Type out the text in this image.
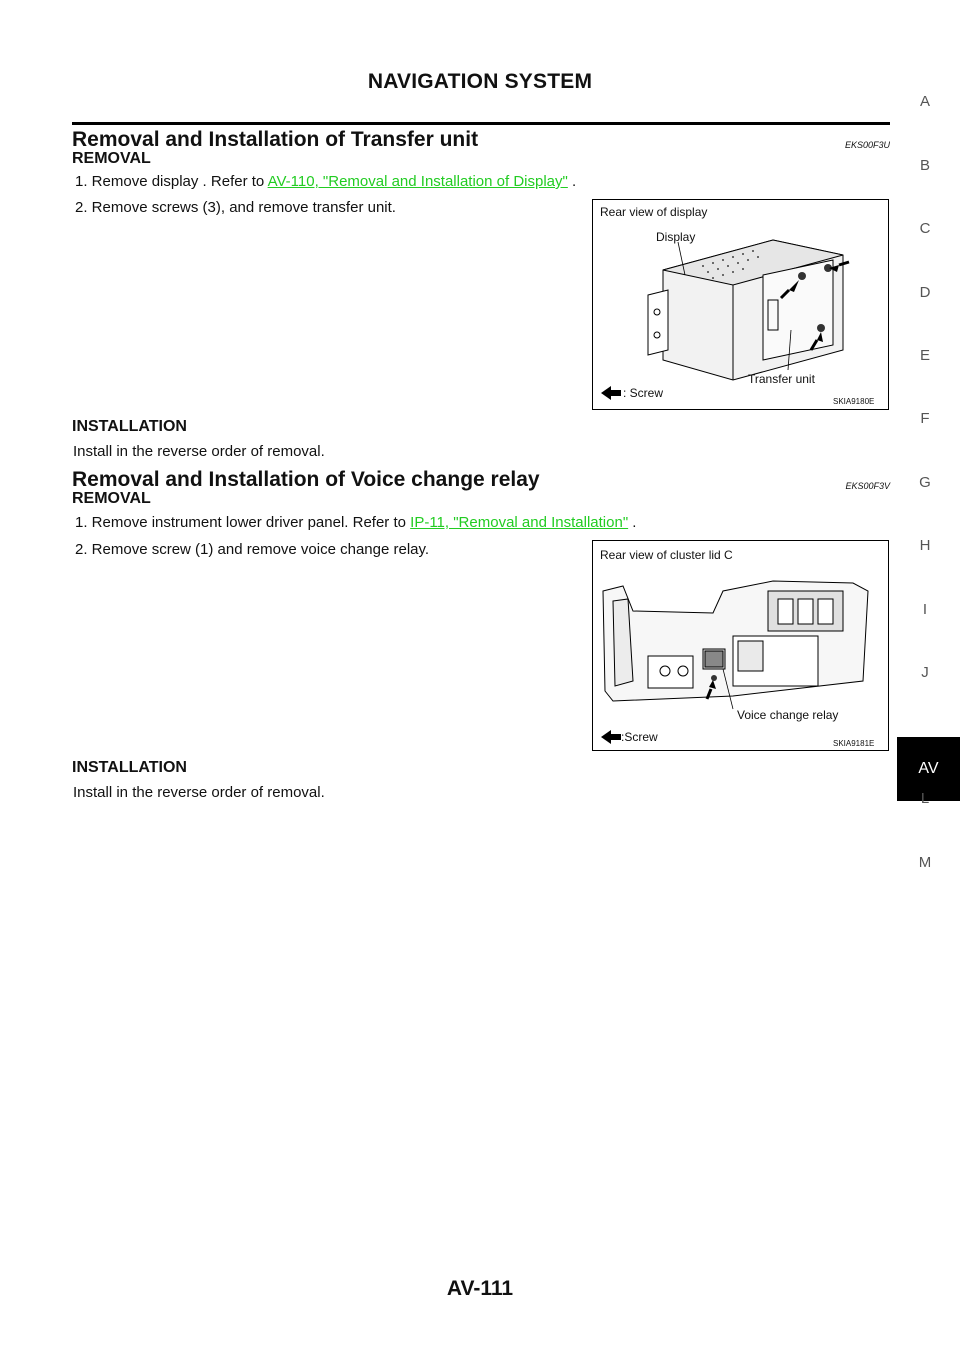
NAVIGATION SYSTEM
Removal and Installation of Transfer unit	EKS00F3U
REMOVAL
1. Remove display . Refer to AV-110, "Removal and Installation of Display" .
2. Remove screws (3), and remove transfer unit.	Rear view of display
Display
Transfer unit
: Screw
SKIA9180E
INSTALLATION
Install in the reverse order of removal.
Removal and Installation of Voice change relay	EKS00F3V
REMOVAL
1. Remove instrument lower driver panel. Refer to IP-11, "Removal and Installation" .
2. Remove screw (1) and remove voice change relay.	Rear view of cluster lid C
Voice change relay
:Screw	SKIA9181E
INSTALLATION
Install in the reverse order of removal.
A
B
C
D
E
F
G
H
I
J
AV
L
M
AV-111
